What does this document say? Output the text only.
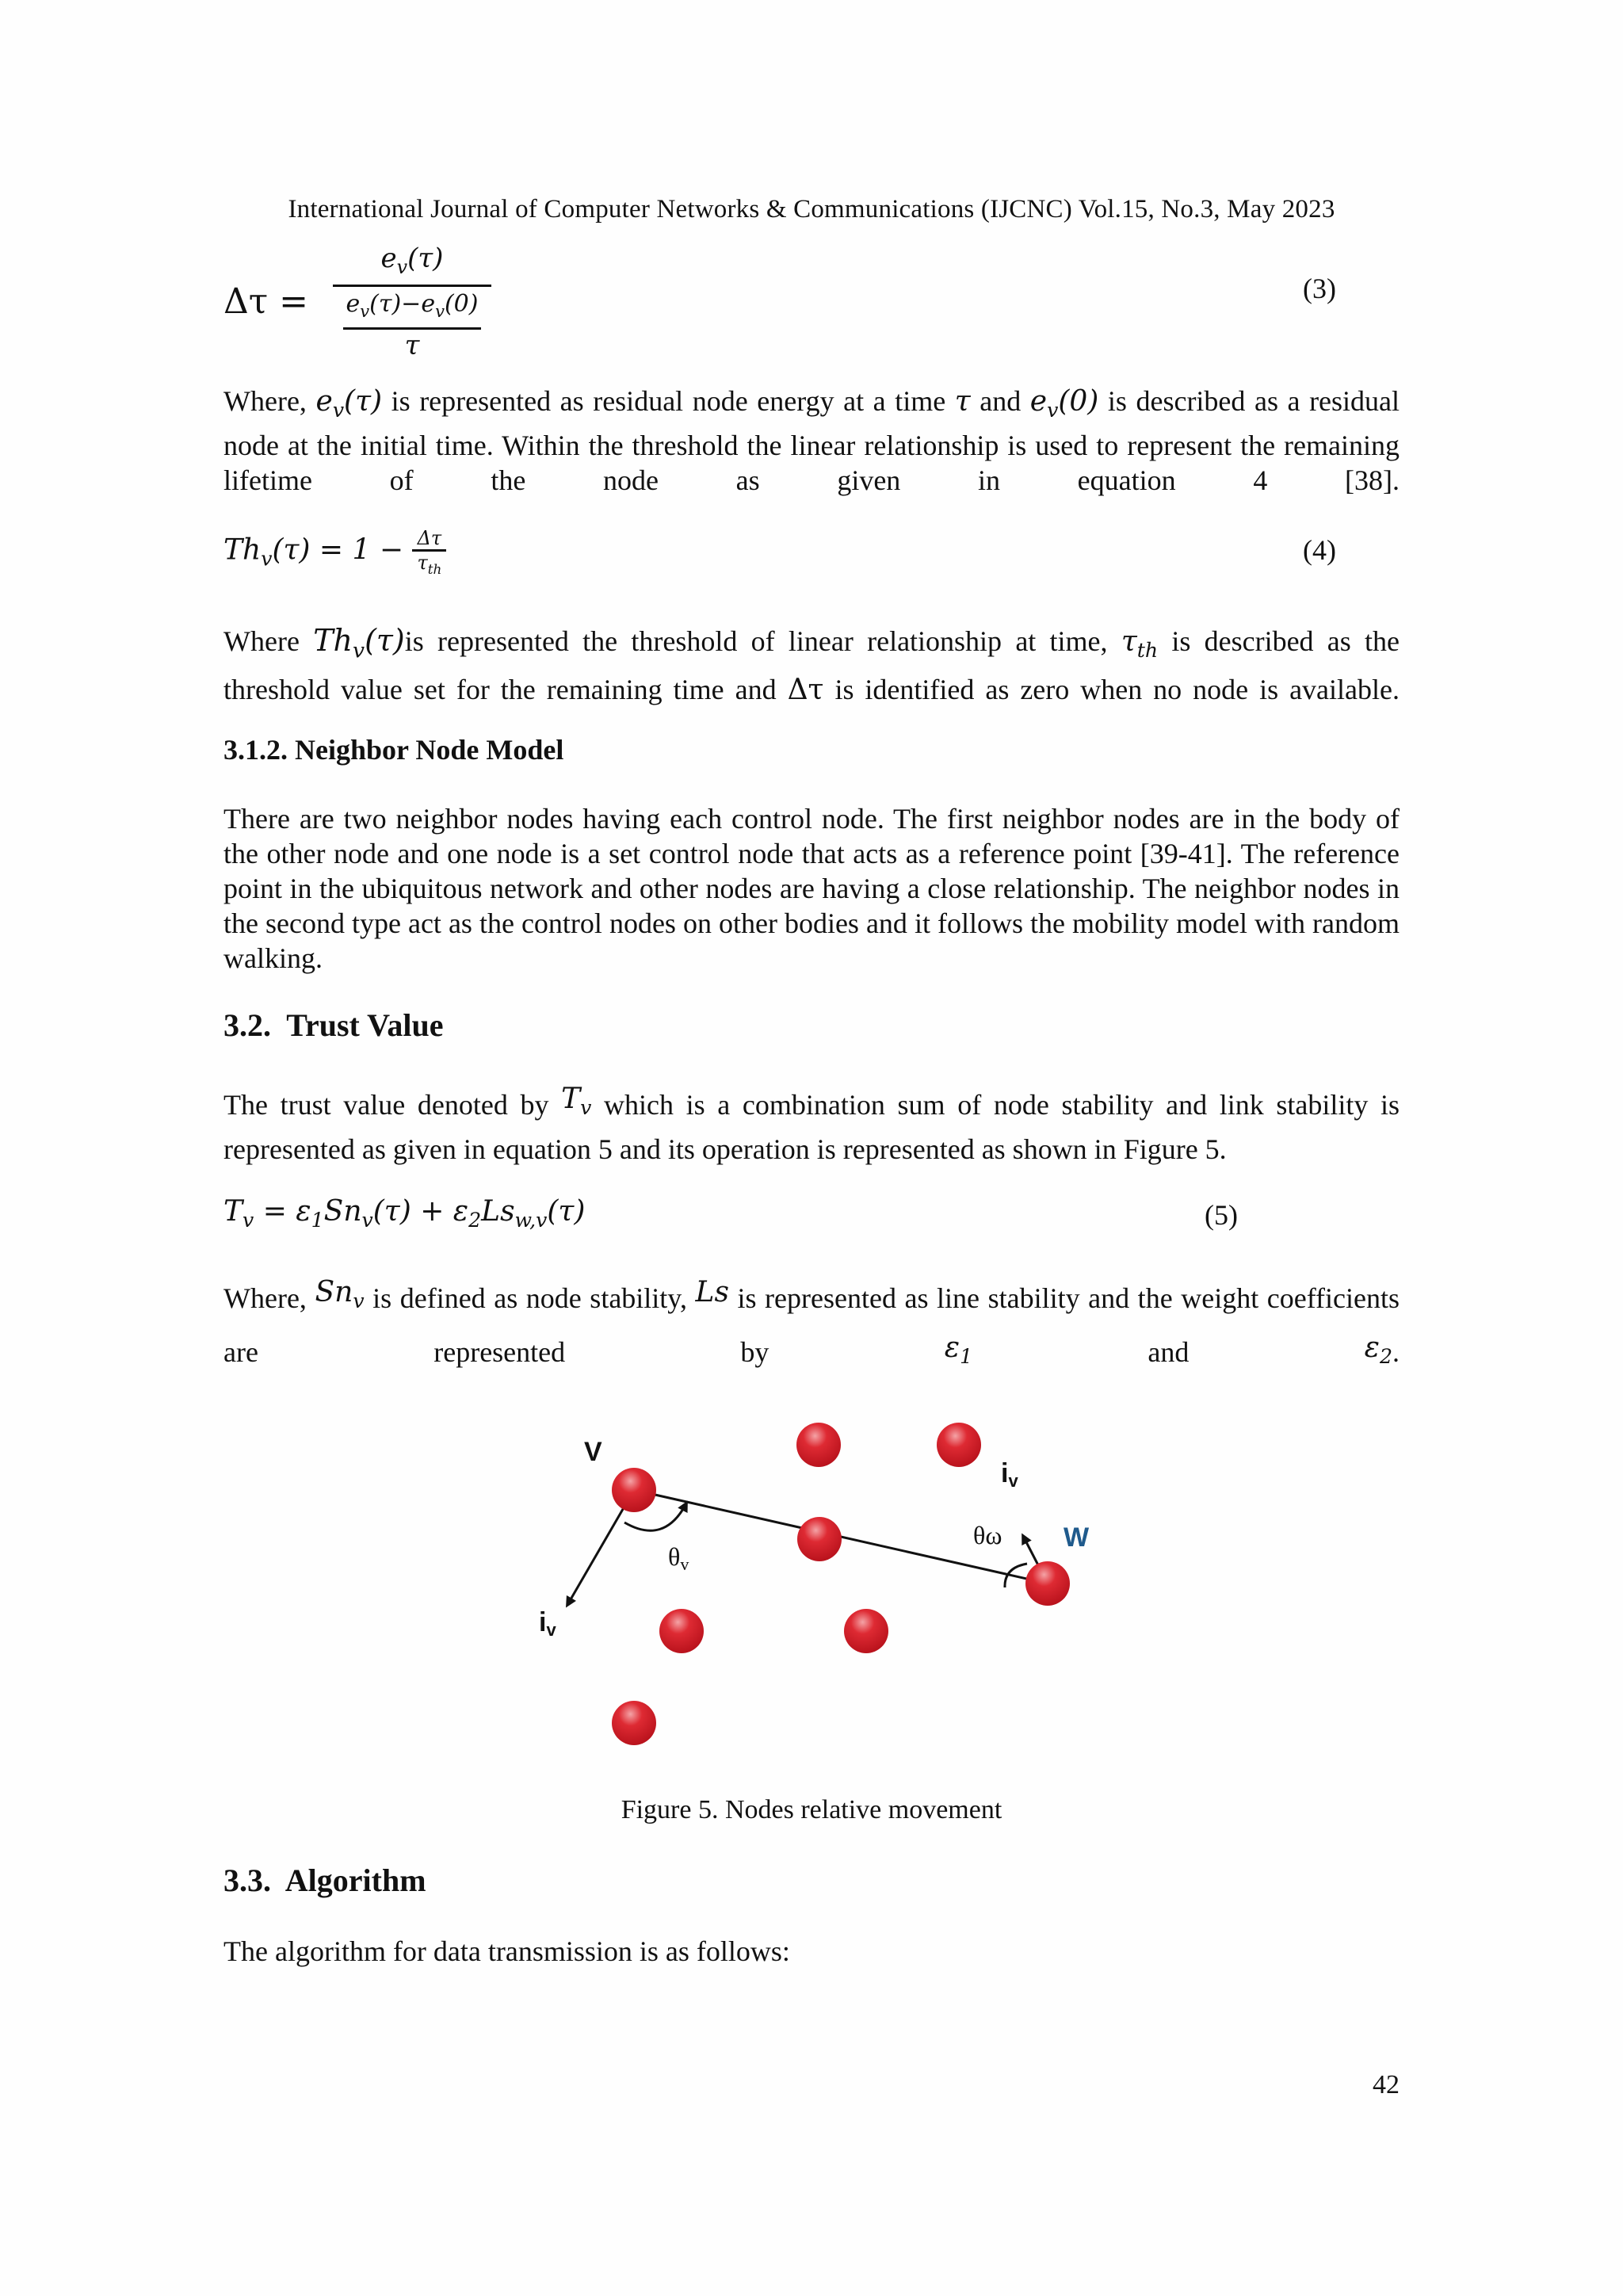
International Journal of Computer Networks & Communications (IJCNC) Vol.15, No.3, May 2023
Δτ =
$e_v(\tau)$
$e_v(\tau)-e_v(0)$
τ
(3)
Where, $e_v(\tau)$ is represented as residual node energy at a time τ and $e_v(0)$ is described as a residual node at the initial time. Within the threshold the linear relationship is used to represent the remaining lifetime of the node as given in equation 4 [38].
$Th_v(\tau) = 1 - \frac{\Delta\tau}{\tau_{th}}$	(4)
Where $Th_v(\tau)is$ represented the threshold of linear relationship at time, $\tau_{th}$ is described as the threshold value set for the remaining time and Δτ is identified as zero when no node is available.
3.1.2. Neighbor Node Model
There are two neighbor nodes having each control node. The first neighbor nodes are in the body of the other node and one node is a set control node that acts as a reference point [39-41]. The reference point in the ubiquitous network and other nodes are having a close relationship. The neighbor nodes in the second type act as the control nodes on other bodies and it follows the mobility model with random walking.
3.2.  Trust Value
The trust value denoted by $T_v$ which is a combination sum of node stability and link stability is represented as given in equation 5 and its operation is represented as shown in Figure 5.
$T_v = \varepsilon_1Sn_v(\tau) + \varepsilon_2Ls_{w,v}(\tau)$	(5)
Where, $Sn_v$ is defined as node stability, Ls is represented as line stability and the weight coefficients are represented by	$\varepsilon_1$	and	$\varepsilon_2$.
V
W
iv
iv
θv
θω
Figure 5. Nodes relative movement
3.3.  Algorithm
The algorithm for data transmission is as follows:
42
